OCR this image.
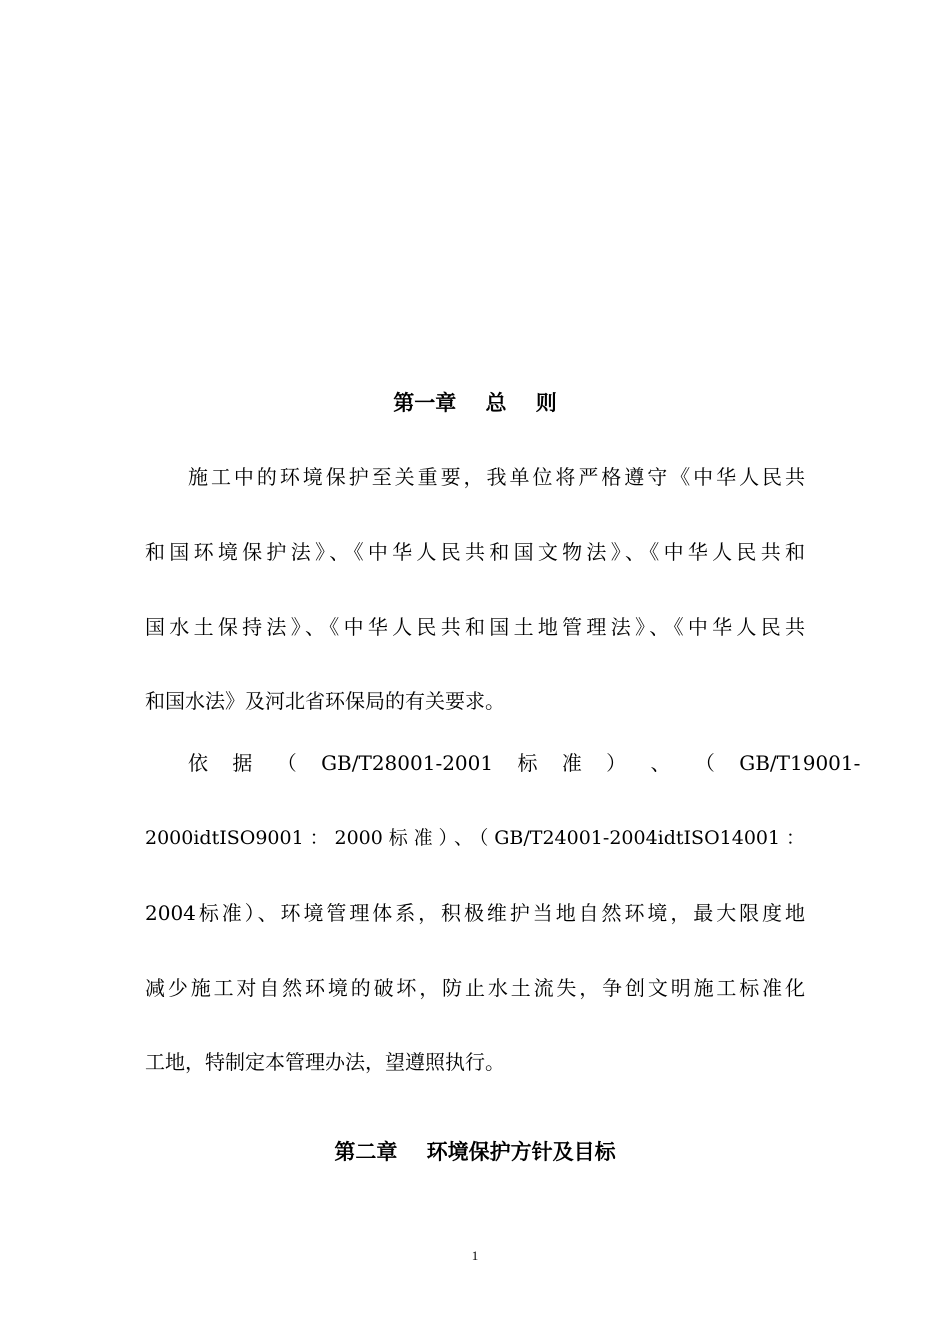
第一章    总    则
施工中的环境保护至关重要，我单位将严格遵守《中华人民共
和国环境保护法》、《中华人民共和国文物法》、《中华人民共和
国水土保持法》、《中华人民共和国土地管理法》、《中华人民共
和国水法》及河北省环保局的有关要求。
依 据 （ GB/T28001-2001 标 准 ） 、 （ GB/T19001-
2000idtISO9001：2000标准）、（GB/T24001-2004idtISO14001：
2004标准）、环境管理体系，积极维护当地自然环境，最大限度地
减少施工对自然环境的破坏，防止水土流失，争创文明施工标准化
工地，特制定本管理办法，望遵照执行。
第二章    环境保护方针及目标
1
